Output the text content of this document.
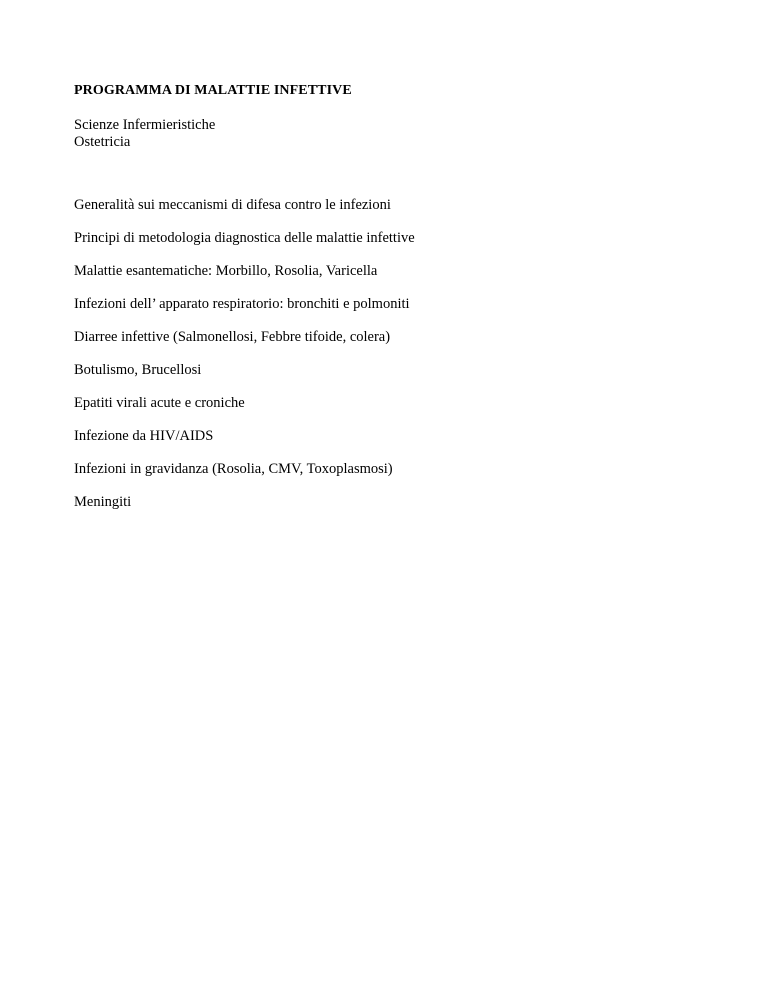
PROGRAMMA DI MALATTIE INFETTIVE
Scienze Infermieristiche
Ostetricia
Generalità sui meccanismi di difesa contro le infezioni
Principi di metodologia diagnostica delle malattie infettive
Malattie esantematiche: Morbillo, Rosolia, Varicella
Infezioni dell’ apparato respiratorio: bronchiti e polmoniti
Diarree infettive (Salmonellosi, Febbre tifoide, colera)
Botulismo, Brucellosi
Epatiti virali acute e croniche
Infezione da HIV/AIDS
Infezioni in gravidanza (Rosolia, CMV, Toxoplasmosi)
Meningiti
